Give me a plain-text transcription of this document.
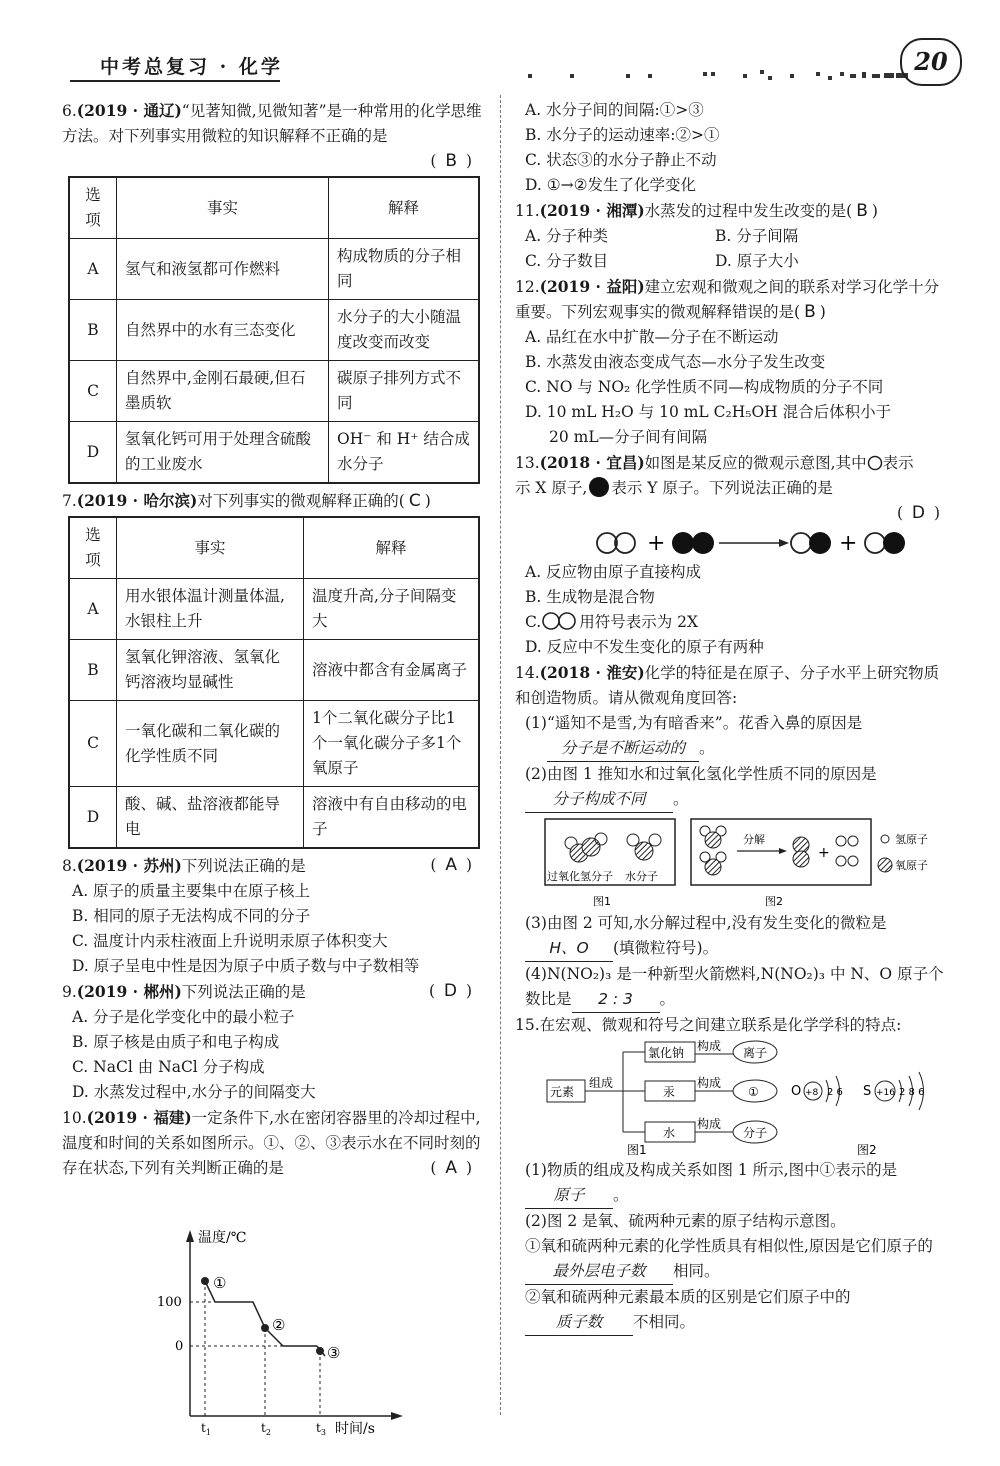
中考总复习 · 化学	20
6.(2019 · 通辽)“见著知微,见微知著”是一种常用的化学思维方法。对下列事实用微粒的知识解释不正确的是
( B )
选项	事实	解释
A	氢气和液氢都可作燃料	构成物质的分子相同
B	自然界中的水有三态变化	水分子的大小随温度改变而改变
C	自然界中,金刚石最硬,但石墨质软	碳原子排列方式不同
D	氢氧化钙可用于处理含硫酸的工业废水	OH⁻ 和 H⁺ 结合成水分子
7.(2019 · 哈尔滨)对下列事实的微观解释正确的( C )
选项	事实	解释
A	用水银体温计测量体温,水银柱上升	温度升高,分子间隔变大
B	氢氧化钾溶液、氢氧化钙溶液均显碱性	溶液中都含有金属离子
C	一氧化碳和二氧化碳的化学性质不同	1个二氧化碳分子比1个一氧化碳分子多1个氧原子
D	酸、碱、盐溶液都能导电	溶液中有自由移动的电子
8.(2019 · 苏州)下列说法正确的是	( A )
A. 原子的质量主要集中在原子核上
B. 相同的原子无法构成不同的分子
C. 温度计内汞柱液面上升说明汞原子体积变大
D. 原子呈电中性是因为原子中质子数与中子数相等
9.(2019 · 郴州)下列说法正确的是	( D )
A. 分子是化学变化中的最小粒子
B. 原子核是由质子和电子构成
C. NaCl 由 NaCl 分子构成
D. 水蒸发过程中,水分子的间隔变大
10.(2019 · 福建)一定条件下,水在密闭容器里的冷却过程中,温度和时间的关系如图所示。①、②、③表示水在不同时刻的存在状态,下列有关判断正确的是	( A )
温度/℃
时间/s
100
0
①
②
③
$t_1$	$t_2$	$t_3$
A. 水分子间的间隔:①>③
B. 水分子的运动速率:②>①
C. 状态③的水分子静止不动
D. ①→②发生了化学变化
11.(2019 · 湘潭)水蒸发的过程中发生改变的是( B )
A. 分子种类	B. 分子间隔
C. 分子数目	D. 原子大小
12.(2019 · 益阳)建立宏观和微观之间的联系对学习化学十分重要。下列宏观事实的微观解释错误的是( B )
A. 品红在水中扩散—分子在不断运动
B. 水蒸发由液态变成气态—水分子发生改变
C. NO 与 NO₂ 化学性质不同—构成物质的分子不同
D. 10 mL H₂O 与 10 mL C₂H₅OH 混合后体积小于
20 mL—分子间有间隔
13.(2018 · 宜昌)如图是某反应的微观示意图,其中 表示
示 X 原子, 表示 Y 原子。下列说法正确的是
( D )
+	+
A. 反应物由原子直接构成
B. 生成物是混合物
C. 用符号表示为 2X
D. 反应中不发生变化的原子有两种
14.(2018 · 淮安)化学的特征是在原子、分子水平上研究物质和创造物质。请从微观角度回答:
(1)“遥知不是雪,为有暗香来”。花香入鼻的原因是
分子是不断运动的 。
(2)由图 1 推知水和过氧化氢化学性质不同的原因是分子构成不同 。
过氧化氢分子 水分子
图1
分解
+
图2
氢原子
氧原子
(3)由图 2 可知,水分解过程中,没有发生变化的微粒是H、O (填微粒符号)。
(4)N(NO₂)₃ 是一种新型火箭燃料,N(NO₂)₃ 中 N、O 原子个数比是 2 : 3 。
15.在宏观、微观和符号之间建立联系是化学学科的特点:
元素
组成
氯化钠
汞
水
构成
构成
构成
离子
①
分子
图1
O +8 2 6 S +16 2 8 6
图2
(1)物质的组成及构成关系如图 1 所示,图中①表示的是原子 。
(2)图 2 是氧、硫两种元素的原子结构示意图。
①氧和硫两种元素的化学性质具有相似性,原因是它们原子的最外层电子数 相同。
②氧和硫两种元素最本质的区别是它们原子中的质子数 不相同。
